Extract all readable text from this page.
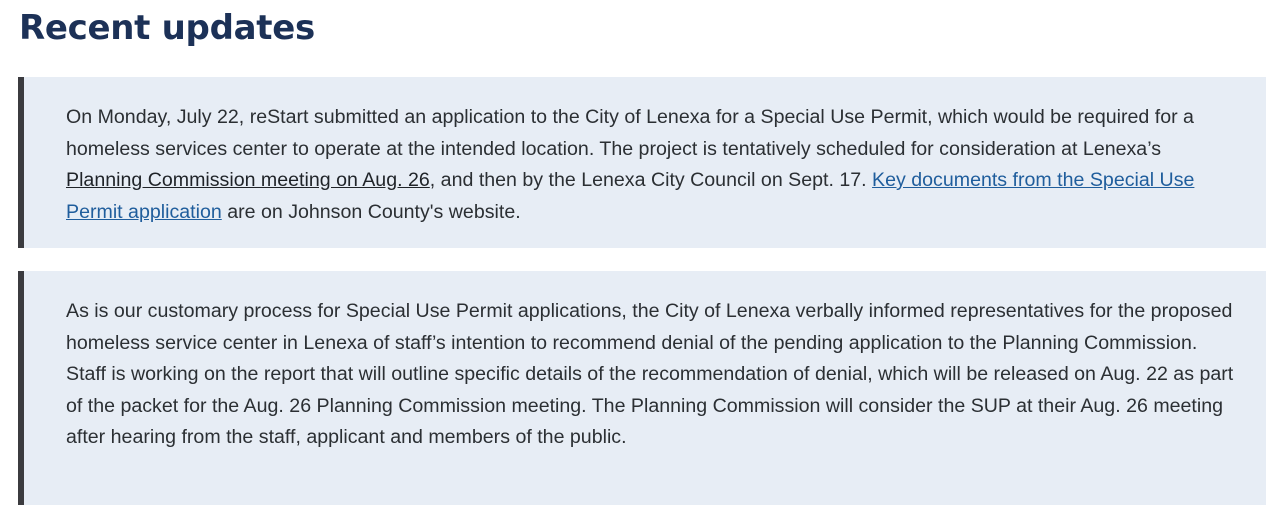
Recent updates

On Monday, July 22, reStart submitted an application to the City of Lenexa for a Special Use Permit, which would be required for a homeless services center to operate at the intended location. The project is tentatively scheduled for consideration at Lenexa’s Planning Commission meeting on Aug. 26, and then by the Lenexa City Council on Sept. 17. Key documents from the Special Use Permit application are on Johnson County's website.

As is our customary process for Special Use Permit applications, the City of Lenexa verbally informed representatives for the proposed homeless service center in Lenexa of staff’s intention to recommend denial of the pending application to the Planning Commission. Staff is working on the report that will outline specific details of the recommendation of denial, which will be released on Aug. 22 as part of the packet for the Aug. 26 Planning Commission meeting. The Planning Commission will consider the SUP at their Aug. 26 meeting after hearing from the staff, applicant and members of the public.
